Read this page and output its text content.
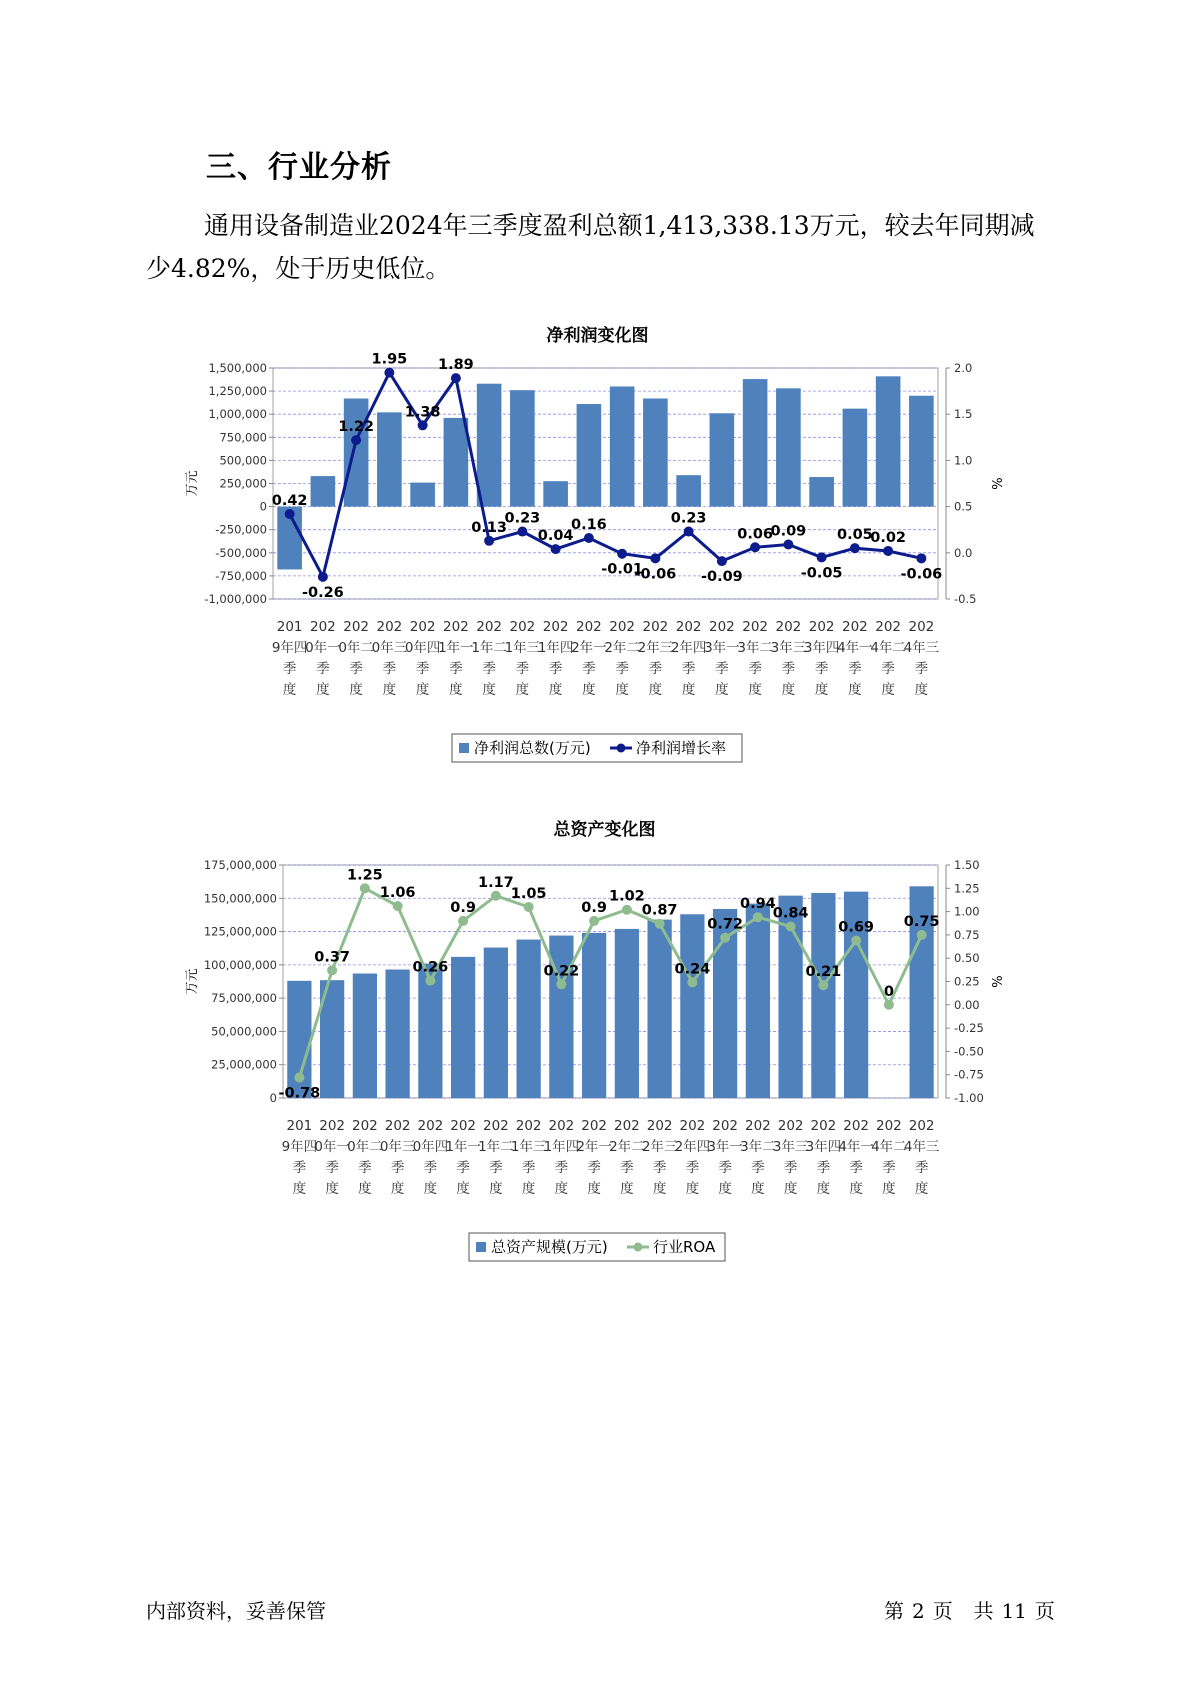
三、行业分析
通用设备制造业2024年三季度盈利总额1,413,338.13万元，较去年同期减少4.82%，处于历史低位。
净利润变化图
1,500,000
1,250,000
1,000,000
750,000
500,000
250,000
0
-250,000
-500,000
-750,000
-1,000,000
2.0
1.5
1.0
0.5
0.0
-0.5
万元	%
0.42
-0.26
1.22
1.95
1.38
1.89
0.13
0.23
0.04
0.16
-0.01
-0.06
0.23
-0.09
0.06
0.09
-0.05
0.05
0.02
-0.06
201 9年四季度
202 0年一季度
202 0年二季度
202 0年三季度
202 0年四季度
202 1年一季度
202 1年二季度
202 1年三季度
202 1年四季度
202 2年一季度
202 2年二季度
202 2年三季度
202 2年四季度
202 3年一季度
202 3年二季度
202 3年三季度
202 3年四季度
202 4年一季度
202 4年二季度
202 4年三季度
净利润总数(万元)	净利润增长率
总资产变化图
175,000,000
150,000,000
125,000,000
100,000,000
75,000,000
50,000,000
25,000,000
0
1.50
1.25
1.00
0.75
0.50
0.25
0.00
-0.25
-0.50
-0.75
-1.00
万元	%
-0.78
0.37
1.25
1.06
0.26
0.9
1.17
1.05
0.22
0.9
1.02
0.87
0.24
0.72
0.94
0.84
0.21
0.69
0
0.75
201 9年四季度
202 0年一季度
202 0年二季度
202 0年三季度
202 0年四季度
202 1年一季度
202 1年二季度
202 1年三季度
202 1年四季度
202 2年一季度
202 2年二季度
202 2年三季度
202 2年四季度
202 3年一季度
202 3年二季度
202 3年三季度
202 3年四季度
202 4年一季度
202 4年二季度
202 4年三季度
总资产规模(万元)	行业ROA
内部资料，妥善保管	第 2 页 共 11 页
